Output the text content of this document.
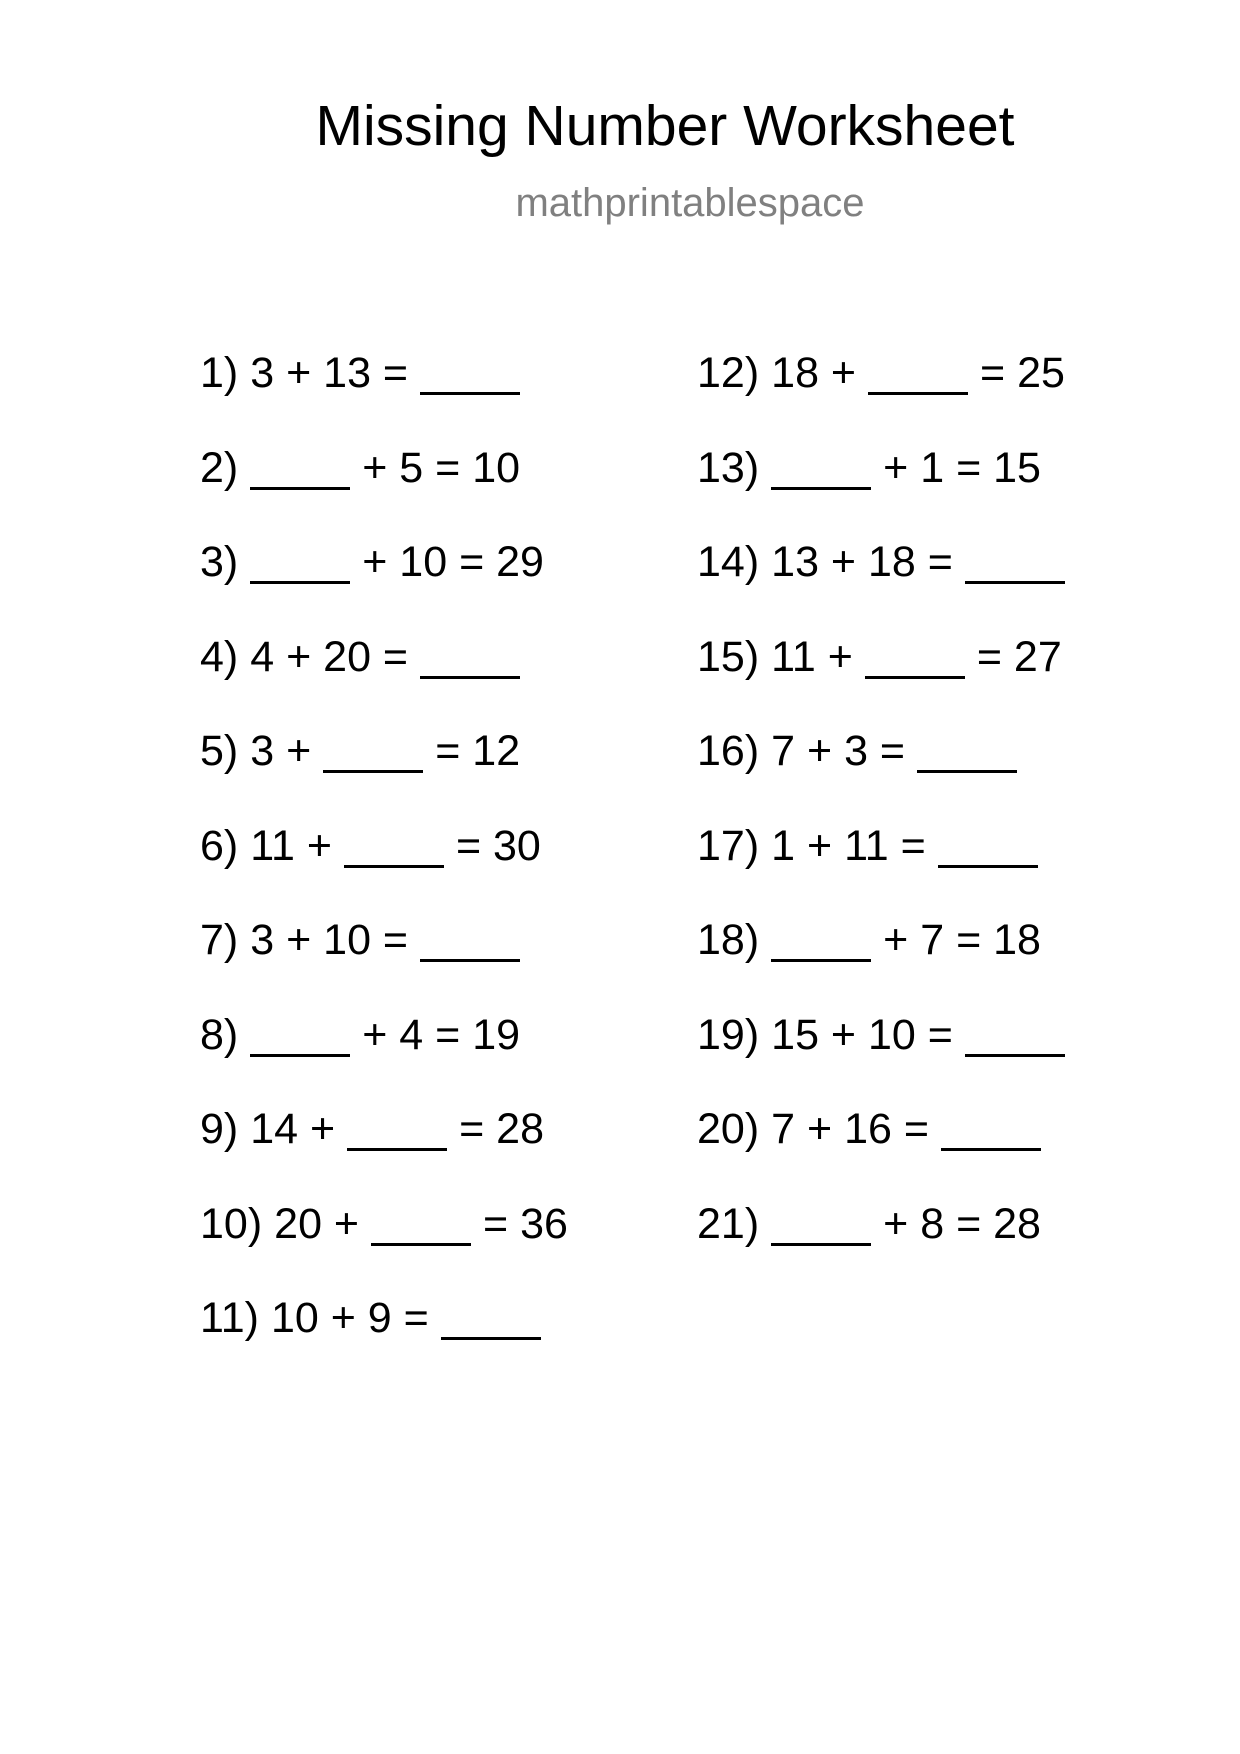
Missing Number Worksheet
mathprintablespace
1) 3 + 13 =
2)	+ 5 = 10
3)	+ 10 = 29
4) 4 + 20 =
5) 3 +	= 12
6) 11 +	= 30
7) 3 + 10 =
8)	+ 4 = 19
9) 14 +	= 28
10) 20 +	= 36
11) 10 + 9 =
12) 18 +	= 25
13)	+ 1 = 15
14) 13 + 18 =
15) 11 +	= 27
16) 7 + 3 =
17) 1 + 11 =
18)	+ 7 = 18
19) 15 + 10 =
20) 7 + 16 =
21)	+ 8 = 28
